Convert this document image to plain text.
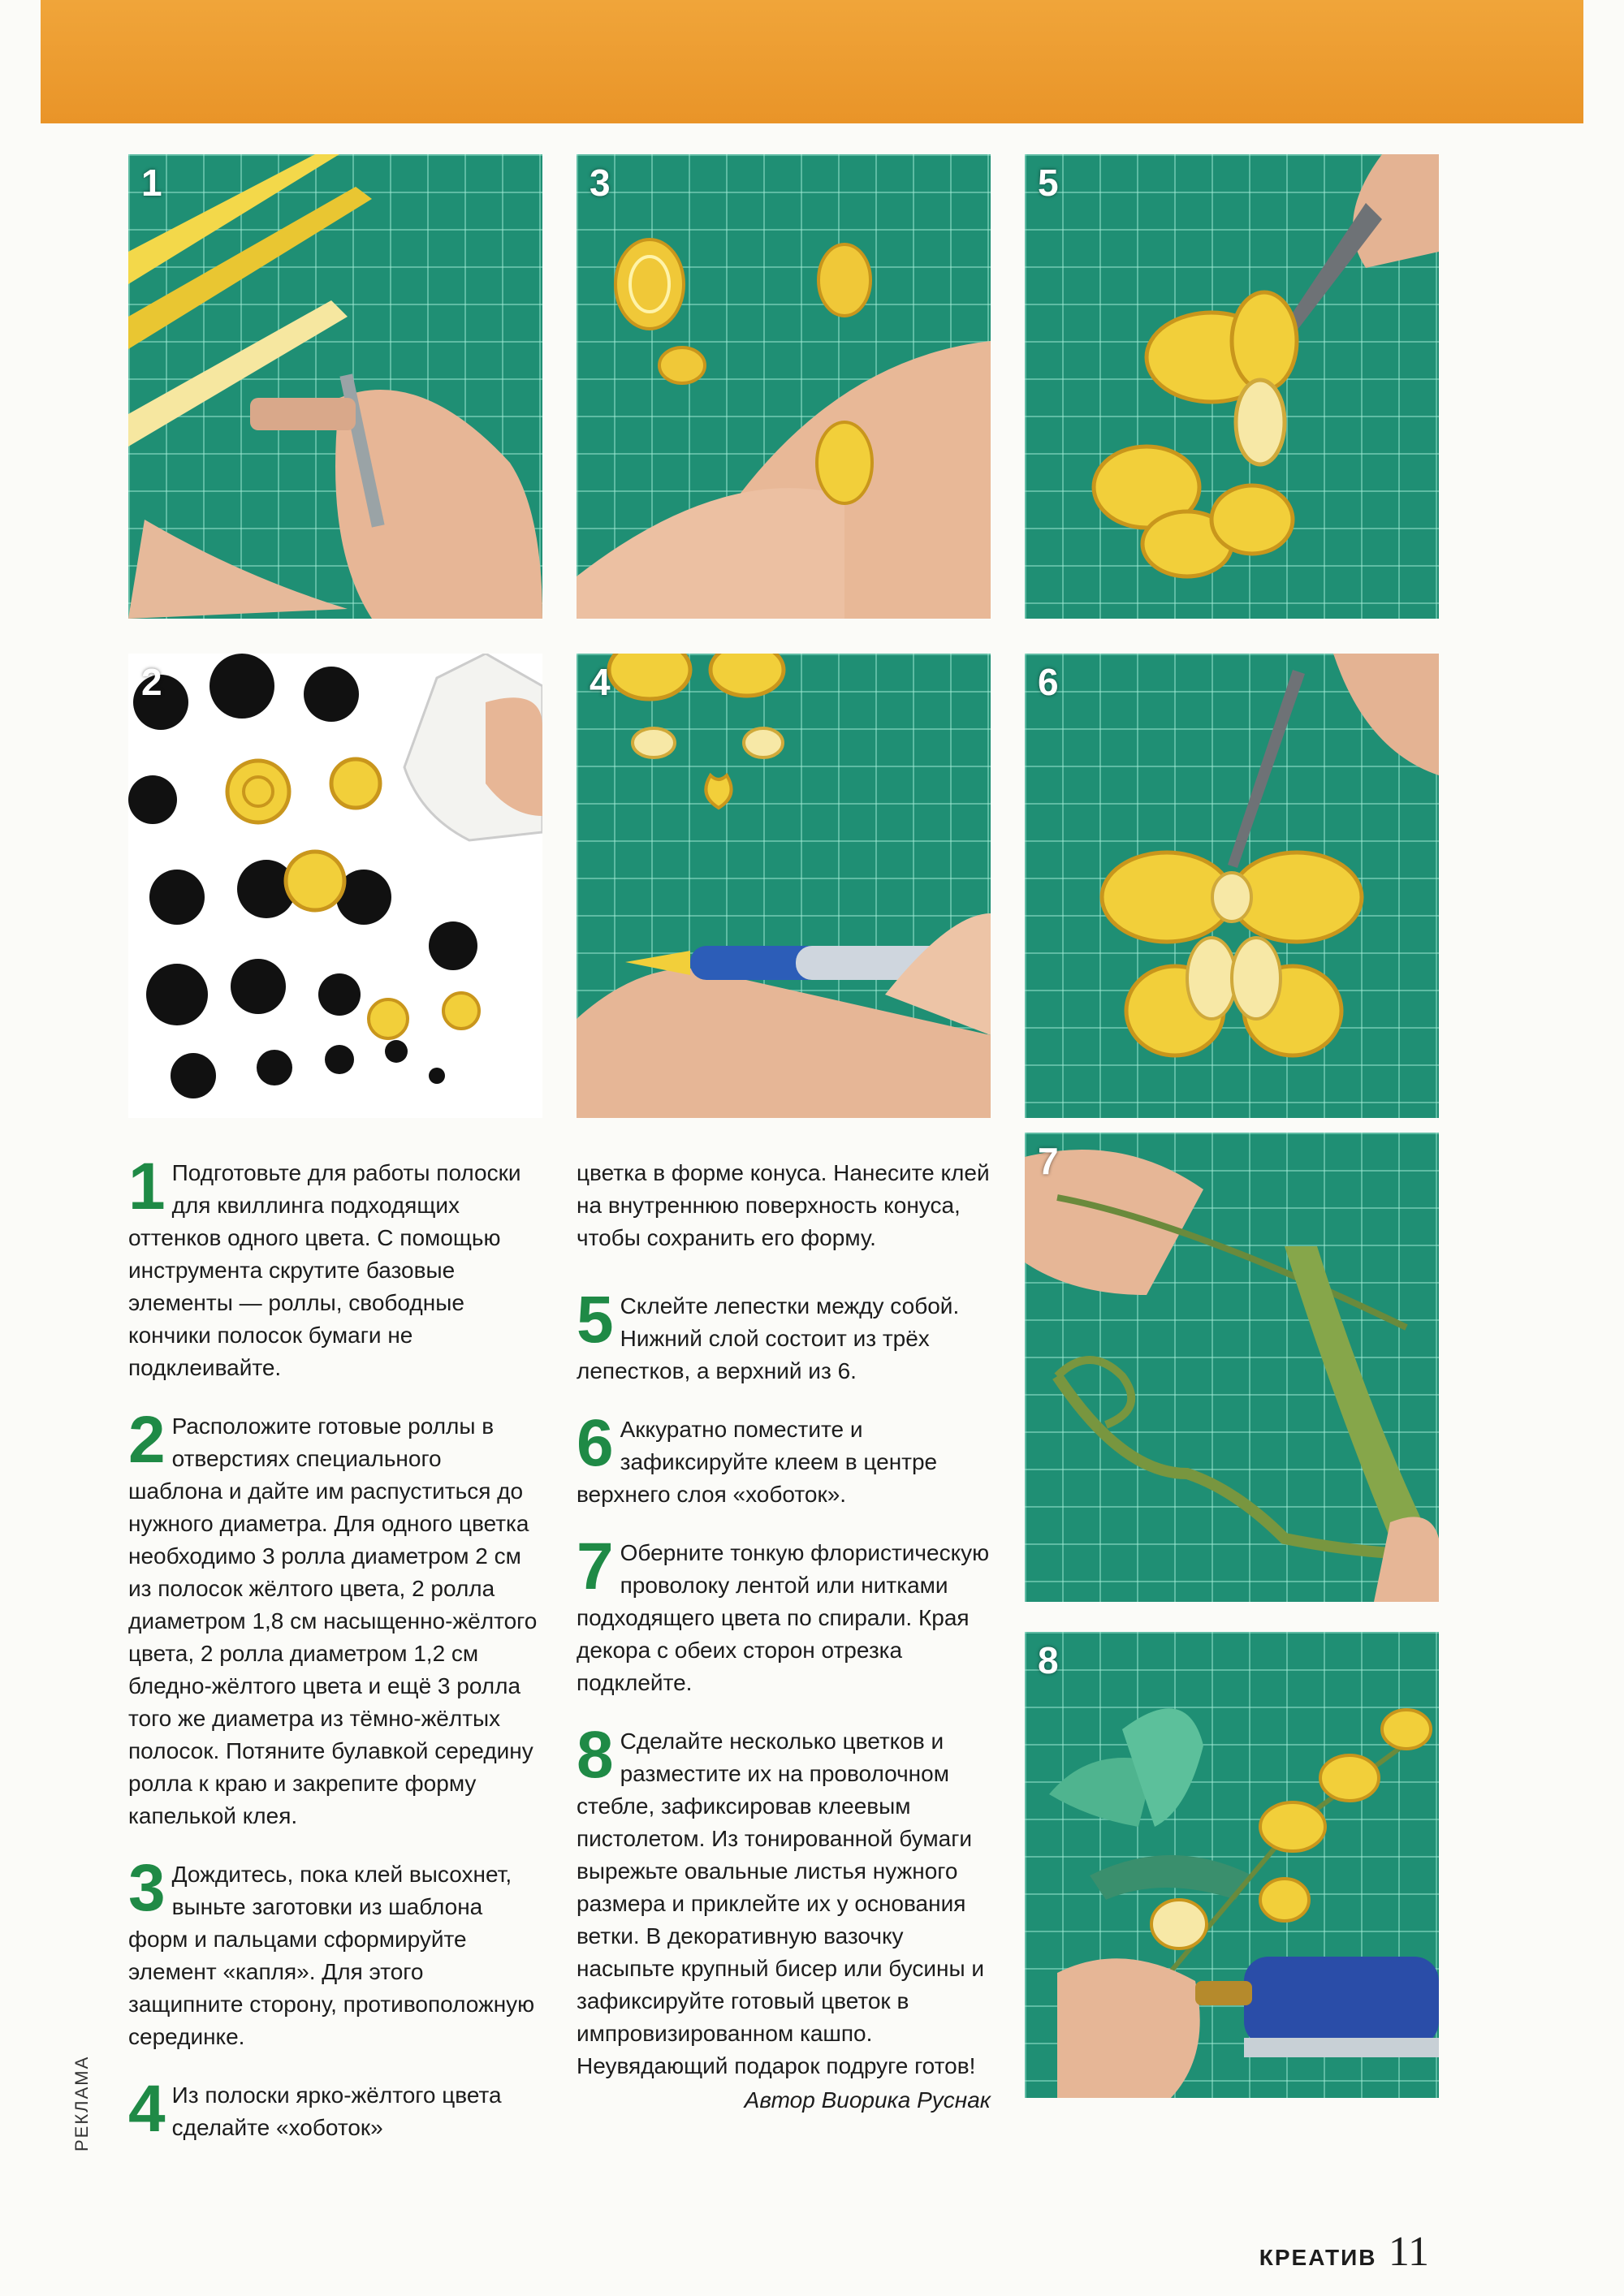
1	3	5
2	4	6
7
8

1 Подготовьте для работы полоски для квиллинга подходящих оттенков одного цвета. С помощью инструмента скрутите базовые элементы — роллы, свободные кончики полосок бумаги не подклеивайте.

2 Расположите готовые роллы в отверстиях специального шаблона и дайте им распуститься до нужного диаметра. Для одного цветка необходимо 3 ролла диаметром 2 см из полосок жёлтого цвета, 2 ролла диаметром 1,8 см насыщенно-жёлтого цвета, 2 ролла диаметром 1,2 см бледно-жёлтого цвета и ещё 3 ролла того же диаметра из тёмно-жёлтых полосок. Потяните булавкой середину ролла к краю и закрепите форму капелькой клея.

3 Дождитесь, пока клей высохнет, выньте заготовки из шаблона форм и пальцами сформируйте элемент «капля». Для этого защипните сторону, противоположную серединке.

4 Из полоски ярко-жёлтого цвета сделайте «хоботок»

цветка в форме конуса. Нанесите клей на внутреннюю поверхность конуса, чтобы сохранить его форму.

5 Склейте лепестки между собой. Нижний слой состоит из трёх лепестков, а верхний из 6.

6 Аккуратно поместите и зафиксируйте клеем в центре верхнего слоя «хоботок».

7 Оберните тонкую флористическую проволоку лентой или нитками подходящего цвета по спирали. Края декора с обеих сторон отрезка подклейте.

8 Сделайте несколько цветков и разместите их на проволочном стебле, зафиксировав клеевым пистолетом. Из тонированной бумаги вырежьте овальные листья нужного размера и приклейте их у основания ветки. В декоративную вазочку насыпьте крупный бисер или бусины и зафиксируйте готовый цветок в импровизированном кашпо. Неувядающий подарок подруге готов!

Автор Виорика Руснак
РЕКЛАМА
КРЕАТИВ 11
